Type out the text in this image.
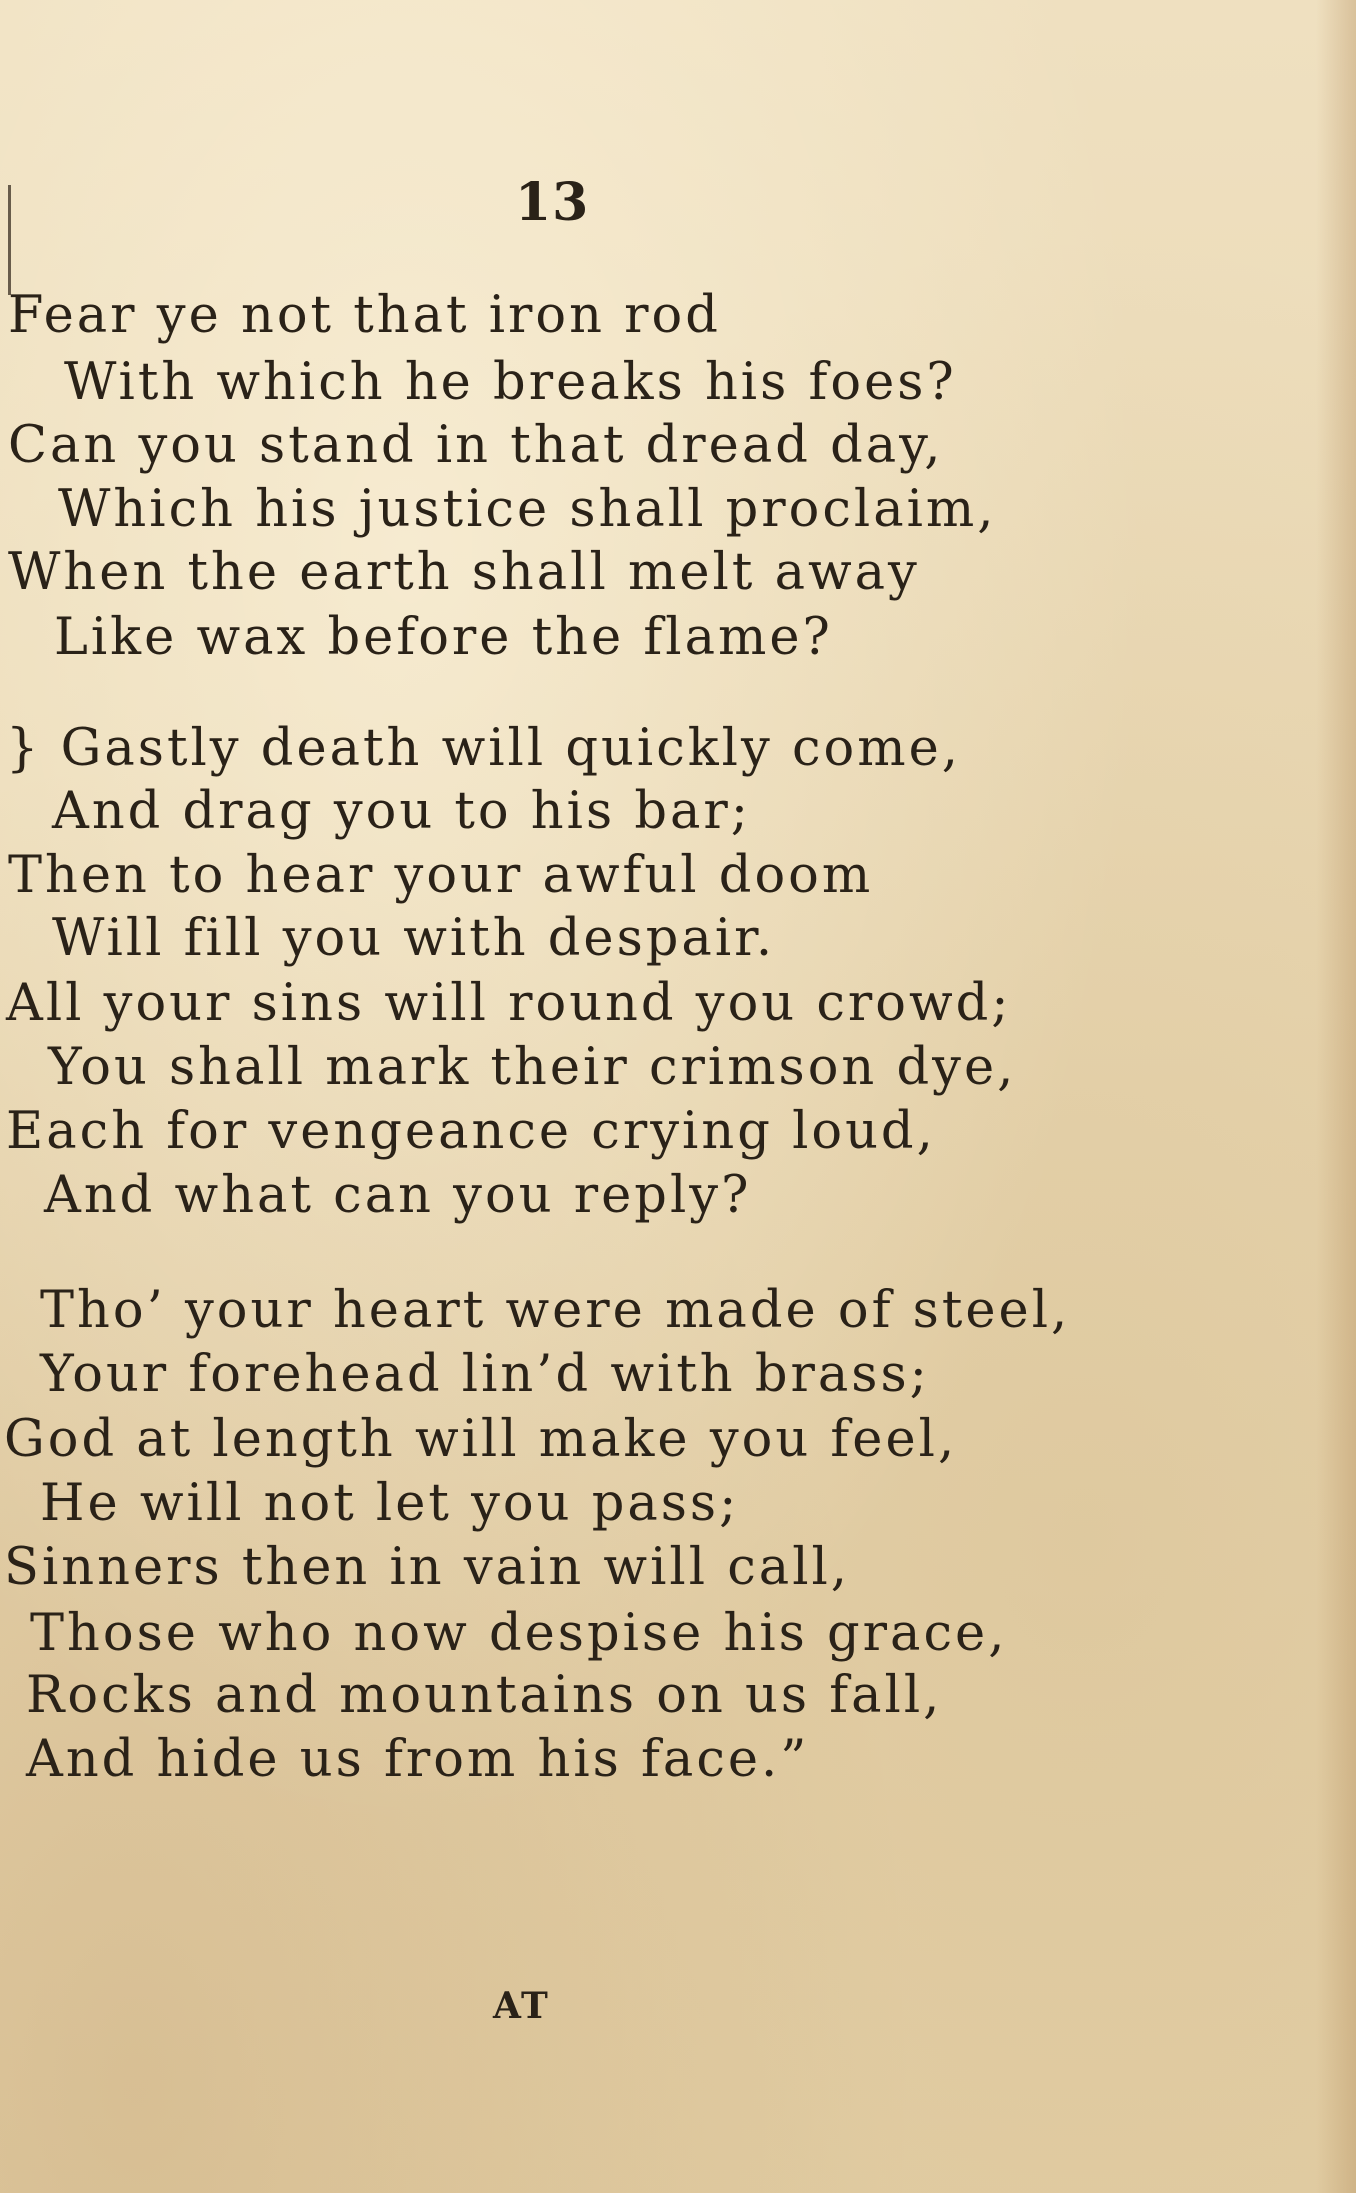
13
Fear ye not that iron rod
With which he breaks his foes?
Can you stand in that dread day,
Which his justice shall proclaim,
When the earth shall melt away
Like wax before the flame?
} Gastly death will quickly come,
And drag you to his bar;
Then to hear your awful doom
Will fill you with despair.
All your sins will round you crowd;
You shall mark their crimson dye,
Each for vengeance crying loud,
And what can you reply?
Tho’ your heart were made of steel,
Your forehead lin’d with brass;
God at length will make you feel,
He will not let you pass;
Sinners then in vain will call,
Those who now despise his grace,
Rocks and mountains on us fall,
And hide us from his face.”
AT
